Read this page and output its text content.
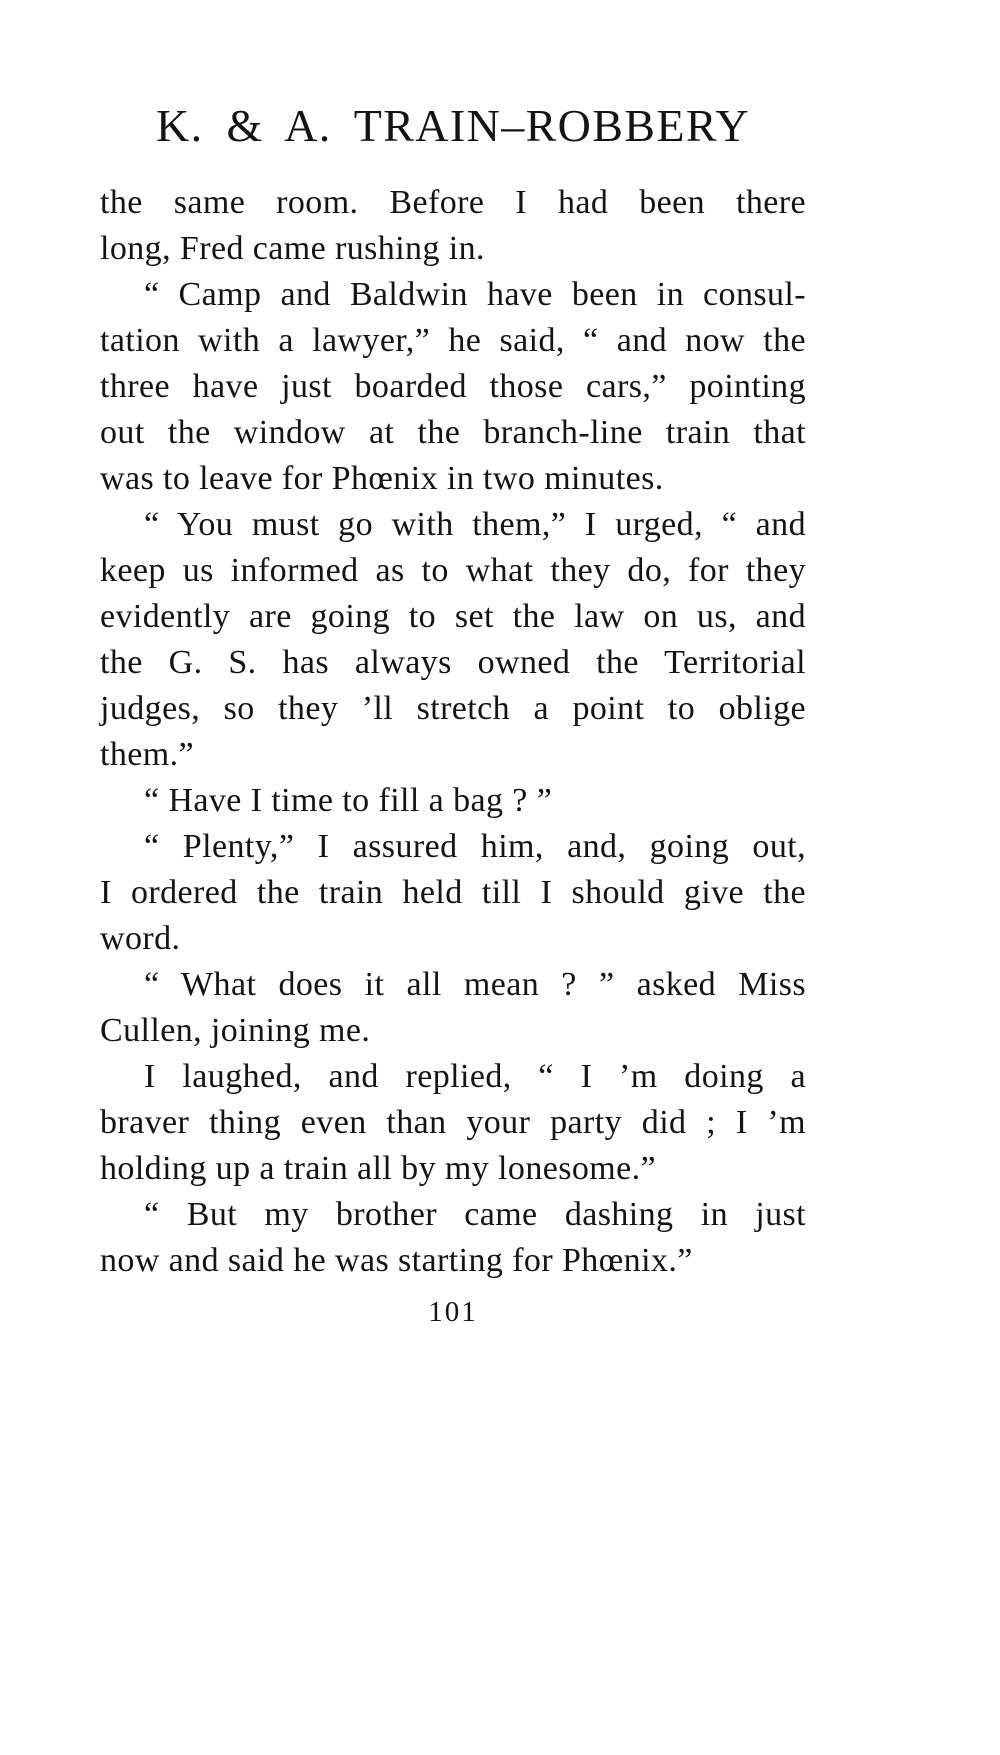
K. & A. TRAIN–ROBBERY
the same room. Before I had been there
long, Fred came rushing in.
“ Camp and Baldwin have been in consul-
tation with a lawyer,” he said, “ and now the
three have just boarded those cars,” pointing
out the window at the branch-line train that
was to leave for Phœnix in two minutes.
“ You must go with them,” I urged, “ and
keep us informed as to what they do, for they
evidently are going to set the law on us, and
the G. S. has always owned the Territorial
judges, so they ’ll stretch a point to oblige
them.”
“ Have I time to fill a bag ? ”
“ Plenty,” I assured him, and, going out,
I ordered the train held till I should give the
word.
“ What does it all mean ? ” asked Miss
Cullen, joining me.
I laughed, and replied, “ I ’m doing a
braver thing even than your party did ; I ’m
holding up a train all by my lonesome.”
“ But my brother came dashing in just
now and said he was starting for Phœnix.”
101
